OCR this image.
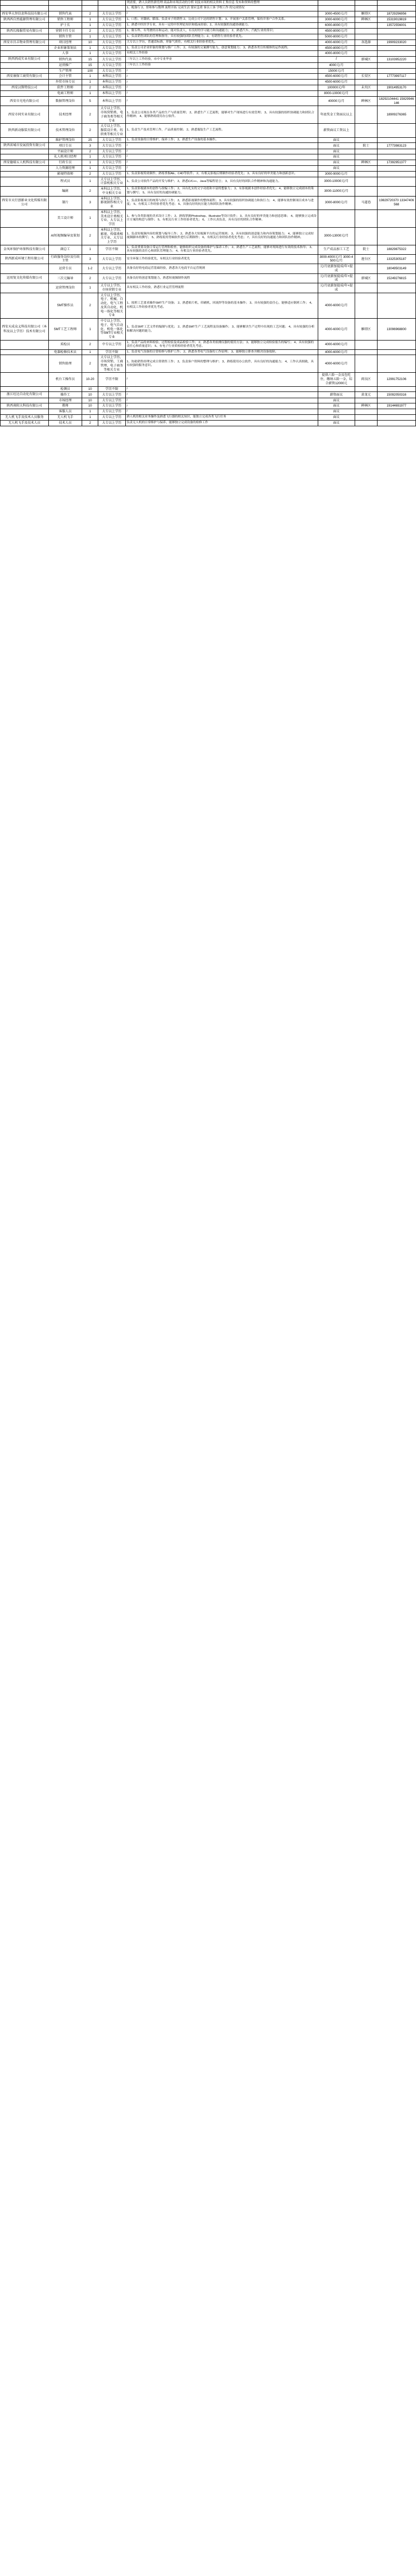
				列需要，熟人员销售薪管理 商品和市场活动的分析 同及市场的相关资料 汇集信息 发布和资料的整理			
				1、配备行 2、督和参与数理 流程开拓 完成生活 要应急重 客员工客 学校工作 的完成情况			
西安华大智信息科技技有限公司	销售代表	2	大专以上学历	/	3000-4500元/月	雁塔区	18729296956
陕西西自然能源管理有限公司	销售工程师	1	大专以上学历	1、口腔、牙龈病、膨湿、负责市子的销售 2、完成公司下达的销售计划； 3、开展客户关系管理，保持并客户合作关系。	3000-6000元/月	碑林区	15319019819
	护士长	1	大专以上学历	1、熟悉中医医学专业，具有一定的中医理论知识和临床经验；2、具有较强的沟通协调能力。	6000-8000元/月		13572556001
陕西长隆服贸易有限公司	营销主任专员	2	大专以上学历	1、限专科，有驾驶经历和运动，能对负责人，有良好的学习能力和沟通能力； 2、熟悉汽车、汽配行业的常识；	4500-8000元/月		
	销售主管	1	大专以上学历	1、负责销售团队的管理和指导，具有较强的团队管理能力；2、有销售行业经验者优先。	5000-8000元/月		
西安市昌丰物业管理有限公司	项目经理	10	大专以上学历	大专以上学历，普通话标准，形象气质佳，有相关行业经验者优先。	4000-6000元/月	各选择	19909233020
	企业形象策划员	1	大专以上学历	1、负责公司企业形象的策划与推广工作； 2、有较强的文案撰写能力、创意策划能力； 3、熟悉各类宣传媒体的运作流程。	4500-8000元/月		
	人事	1	大专以上学历	有相关工作经验	4000-8000元/月		
陕西西成实业有限公司	销售代表	15	大专以上学历	三年以上工作经验，市中专业毕业	/	新城区	13103952220
	运营推广	15	大专以上学历	三年以上工作经验	4000元/月		
	生产管理	100	大专以上学历	/	15000元/月		
西安康保工商贸有限公司	会计主管	1	本科以上学历	/	4500-6000元/月	长安区	17773997117
	外贸市场专员	1	本科以上学历	/	4500-6000元/月		
西安汉斯特技公司	软件工程师	2	本科以上学历	/	100000元/年	未央区	19014953170
	电商工程师	1	本科以上学历	/	8000-10000元/月		
西安市光电有限公司	数据管理岗位	5	本科以上学历	/	40000元/月	碑林区	18292104441 15829946146
西安市同实业有限公司	技术经理	2	大专以上学历、市场营销类、电子商务类等相关专业	1、负责公司现在各类产品的生产与质量管理； 2、熟悉生产工艺流程，能够对生产现场进行有效管理； 3、具有较强的组织协调能力和团队合作精神； 4、能够熟练使用办公软件。	年底奖金工资面议以上		18909276365
陕西新动服装有限公司	技术管理岗位	2	大专以上学历、服装设计类、纺织类等相关专业	1、负责生产技术管理工作，产品质量控制； 2、熟悉服装生产工艺流程。	薪资面议工资以上		
	维护管理岗位	25	大专以上学历	1、负责设备的日常维护、保养工作； 2、熟悉生产设备的基本操作。	面议		
陕西省城市发展投资有限公司	项目专员	3	大专以上学历	/	面议	院士	17773983123
	平面设计师	2	大专以上学历	/	面议		
	礼人机项目经理	1	大专以上学历	/	面议		
西安德瑞五人机科技有限公司	行政专员	1	大专以上学历	/	面议	碑林区	17392951377
	人力资源经理	1	大专以上学历	/	面议		
	影视特效师	2	大专以上学历	1、负责影视特效制作，熟练掌握AE、C4D等软件； 2、有相关影视后期制作经验者优先； 3、具有良好的审美能力和创新意识。	3000-9000元/月		
	程式员	1	大专以上学历、计算机相关专业	1、负责公司软件产品的开发与维护； 2、熟悉C/C++、Java等编程语言； 3、具有良好的团队合作精神和沟通能力。	3000-10000元/月		
	编剧	2	本科以上学历、中文相关专业	1、负责影视剧本的创作与改编工作； 2、具有扎实的文字功底和丰富的想象力； 3、有影视剧本创作经验者优先； 4、能够独立完成剧本的策划与撰写； 5、具有良好的沟通协调能力。	3000-11000元/月		
西安市天行创影业文化传媒有限公司	制片	3	本科以上学历、影视制作相关专业	1、负责影视项目的统筹与执行工作； 2、熟悉影视制作的整体流程； 3、具有较强的组织协调能力和执行力； 4、能够有效控制项目成本与进度； 5、有相关工作经验者优先考虑； 6、具备良好的抗压能力和团队协作精神。	3000-8000元/月	马道巷	19829720370 13347406568
	美工设计师	1	本科以上学历、美术设计类相关专业、大专以上学历	1、参与各类影视的美术设计工作； 2、熟练掌握Photoshop、Illustrator等设计软件； 3、具有良好的审美能力和创意思维； 4、能够独立完成设计方案的构思与制作； 5、有相关行业工作经验者优先； 6、工作认真负责，具有良好的团队合作精神。			
	AI短视频编导及策划	2	本科以上学历、影视、传媒类相关专业、大专以上学历	1、负责短视频内容的策划与编导工作； 2、熟悉各大短视频平台的运营规则； 3、具有较强的创意能力和内容策划能力； 4、能够独立完成短视频脚本的撰写； 5、熟练使用剪辑软件进行后期制作； 6、有相关行业经验者优先考虑； 7、具有良好的沟通能力和团队协作精神。	3000-13000元/月		
金凤环保护环保科技有限公司	副总工	1	学历不限	1、负责重要设备日常运行管理和检查，能够组织完成设备的维护与保养工作； 2、熟悉生产工艺流程，能够对现场进行有效的技术指导； 3、具有较强的责任心和团队管理能力； 4、有相关行业经验者优先。	生产成品加工工艺	院士	18829875322
陕西新成环境工程有限公司	行政服务岗位及行政主管	3	大专以上学历	安全环保工作经验优先，有相关行业经验者优先	3000-4000元/月 3000-4500元/月	莲台区	13325305187
	运营专员	1-2	大专以上学历	具备良好的电商运营基础经验，熟悉各大电商平台运营规则	元/月底薪加提成/年+提成		18049503149
运用复文化传媒有限公司	三次元编导	2	大专以上学历	具备良好的创意策划能力，熟悉短视频制作流程	元/月底薪加提成/年+提成	新城区	15249276815
	运营管理岗位	1	大专以上学历、市场营销专业	具有相关工作经验，熟悉行业运营管理流程	元/月底薪加提成/年+提成		
	SMT操作员	2	大专以上学历、电子、机械、自动化、电气工程及其自动化、机电一体化等相关专业	1、按照工艺要求操作SMT生产设备； 2、熟悉贴片机、印刷机、回流焊等设备的基本操作； 3、具有较强的责任心，能够适应倒班工作； 4、有相关工作经验者优先考虑。	4000-6000元/月		
西安天成众义科技有限公司（本科及以上学历）技术有限公司	SMT工艺工程师	1	中专以上学历、电子、电气自动化、机电一体化等SMT行业相关专业	1、负责SMT工艺文件的编制与优化； 2、熟悉SMT生产工艺流程及设备操作； 3、能够解决生产过程中出现的工艺问题； 4、具有较强的分析和解决问题的能力。	4000-6000元/月	雁塔区	13096968800
	质检员	2	中专以上学历	1、负责产品的来料检验、过程检验及成品检验工作； 2、熟悉各类检测仪器的使用方法； 3、能够独立完成检验报告的编写； 4、具有较强的责任心和质量意识； 5、有电子行业质检经验者优先考虑。	4000-6000元/月		
	电器检修技术员	1	学历不限	1、负责电气设备的日常检修与维护工作； 2、熟悉各类电气设备的工作原理； 3、能够独立排查并解决设备故障。	4000-6000元/月		
	销售助理	2	大专以上学历、市场营销、工商管理、电子商务等相关专业	1、协助销售经理完成日常销售工作； 2、负责客户资料的整理与维护； 3、熟练使用办公软件，具有良好的沟通能力； 4、工作认真细致，具有较强的服务意识。	4000-6000元/月		
	机台工操作员	10-20	学历不限	/	提供六险一金及包吃住，缴纳五险一金，综合薪资12000元	阎良区	12991752106
	检测员	10	学历不限	/			
浙江旺达自动化有限公司	操作工	10	大专以上学历	/	薪资面议	黄龙元	15092050316
	市场经理	10	大专以上学历	/	面议		
陕西南阳大科技有限公司	教师	10	大专以上学历	/	面议	碑林区	19144691977
	客服人员	1	大专以上学历	/	面议		
无人机飞手及技术人员服务	无人机飞手	1	大专以上学历	熟人机的相关业务操作及熟悉飞行器的相关知识、能独立完成各类飞行任务	面议		
无人机飞手及技术人员	技术人员	2	大专以上学历	负责无人机的日常维护与保养、能够独立完成设备的检修工作	面议		
